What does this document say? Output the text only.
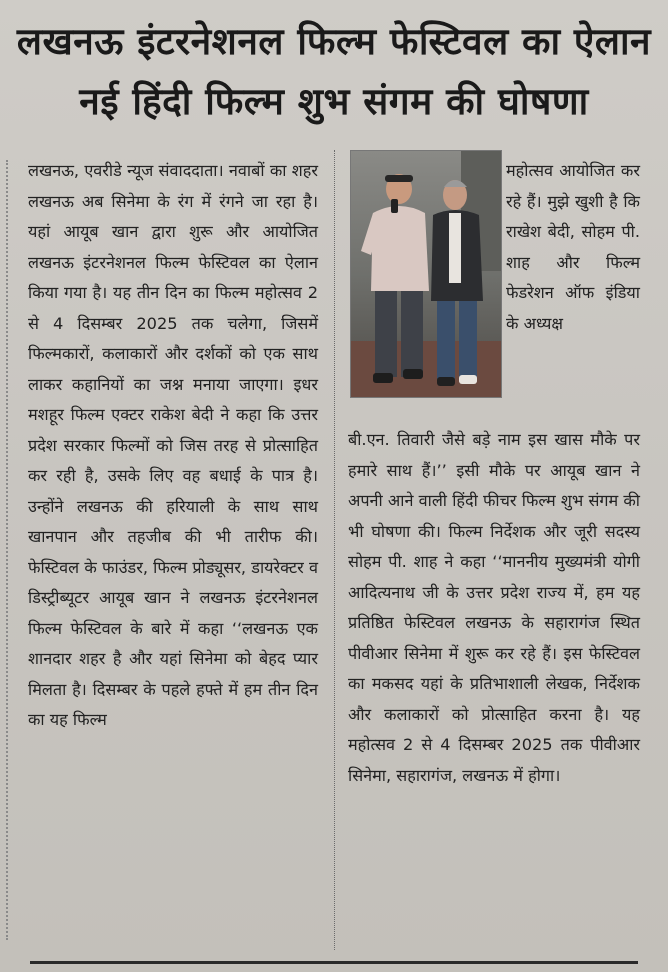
लखनऊ इंटरनेशनल फिल्म फेस्टिवल का ऐलान
नई हिंदी फिल्म शुभ संगम की घोषणा

लखनऊ, एवरीडे न्यूज संवाददाता। नवाबों का शहर लखनऊ अब सिनेमा के रंग में रंगने जा रहा है। यहां आयूब खान द्वारा शुरू और आयोजित लखनऊ इंटरनेशनल फिल्म फेस्टिवल का ऐलान किया गया है। यह तीन दिन का फिल्म महोत्सव 2 से 4 दिसम्बर 2025 तक चलेगा, जिसमें फिल्मकारों, कलाकारों और दर्शकों को एक साथ लाकर कहानियों का जश्न मनाया जाएगा। इधर मशहूर फिल्म एक्टर राकेश बेदी ने कहा कि उत्तर प्रदेश सरकार फिल्मों को जिस तरह से प्रोत्साहित कर रही है, उसके लिए वह बधाई के पात्र है। उन्होंने लखनऊ की हरियाली के साथ साथ खानपान और तहजीब की भी तारीफ की। फेस्टिवल के फाउंडर, फिल्म प्रोड्यूसर, डायरेक्टर व डिस्ट्रीब्यूटर आयूब खान ने लखनऊ इंटरनेशनल फिल्म फेस्टिवल के बारे में कहा ‘‘लखनऊ एक शानदार शहर है और यहां सिनेमा को बेहद प्यार मिलता है। दिसम्बर के पहले हफ्ते में हम तीन दिन का यह फिल्म

महोत्सव आयोजित कर रहे हैं। मुझे खुशी है कि राखेश बेदी, सोहम पी. शाह और फिल्म फेडरेशन ऑफ इंडिया के अध्यक्ष

बी.एन. तिवारी जैसे बड़े नाम इस खास मौके पर हमारे साथ हैं।’’ इसी मौके पर आयूब खान ने अपनी आने वाली हिंदी फीचर फिल्म शुभ संगम की भी घोषणा की। फिल्म निर्देशक और जूरी सदस्य सोहम पी. शाह ने कहा ‘‘माननीय मुख्यमंत्री योगी आदित्यनाथ जी के उत्तर प्रदेश राज्य में, हम यह प्रतिष्ठित फेस्टिवल लखनऊ के सहारागंज स्थित पीवीआर सिनेमा में शुरू कर रहे हैं। इस फेस्टिवल का मकसद यहां के प्रतिभाशाली लेखक, निर्देशक और कलाकारों को प्रोत्साहित करना है। यह महोत्सव 2 से 4 दिसम्बर 2025 तक पीवीआर सिनेमा, सहारागंज, लखनऊ में होगा।
